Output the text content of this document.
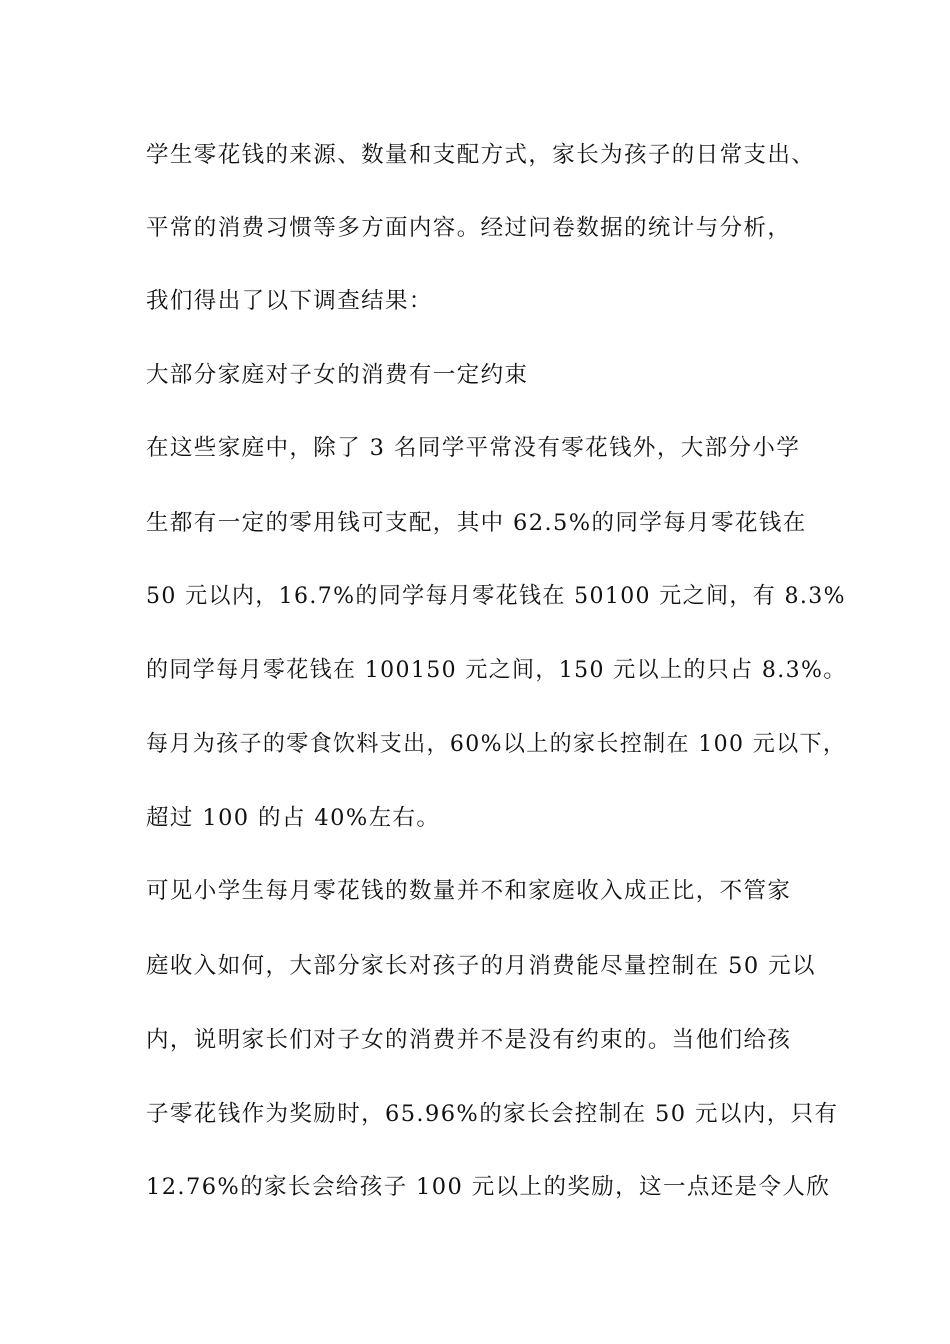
学生零花钱的来源、数量和支配方式，家长为孩子的日常支出、

平常的消费习惯等多方面内容。经过问卷数据的统计与分析，

我们得出了以下调查结果：

大部分家庭对子女的消费有一定约束

在这些家庭中，除了 3 名同学平常没有零花钱外，大部分小学

生都有一定的零用钱可支配，其中 62.5%的同学每月零花钱在

50 元以内，16.7%的同学每月零花钱在 50100 元之间，有 8.3%

的同学每月零花钱在 100150 元之间，150 元以上的只占 8.3%。

每月为孩子的零食饮料支出，60%以上的家长控制在 100 元以下，

超过 100 的占 40%左右。

可见小学生每月零花钱的数量并不和家庭收入成正比，不管家

庭收入如何，大部分家长对孩子的月消费能尽量控制在 50 元以

内，说明家长们对子女的消费并不是没有约束的。当他们给孩

子零花钱作为奖励时，65.96%的家长会控制在 50 元以内，只有

12.76%的家长会给孩子 100 元以上的奖励，这一点还是令人欣
